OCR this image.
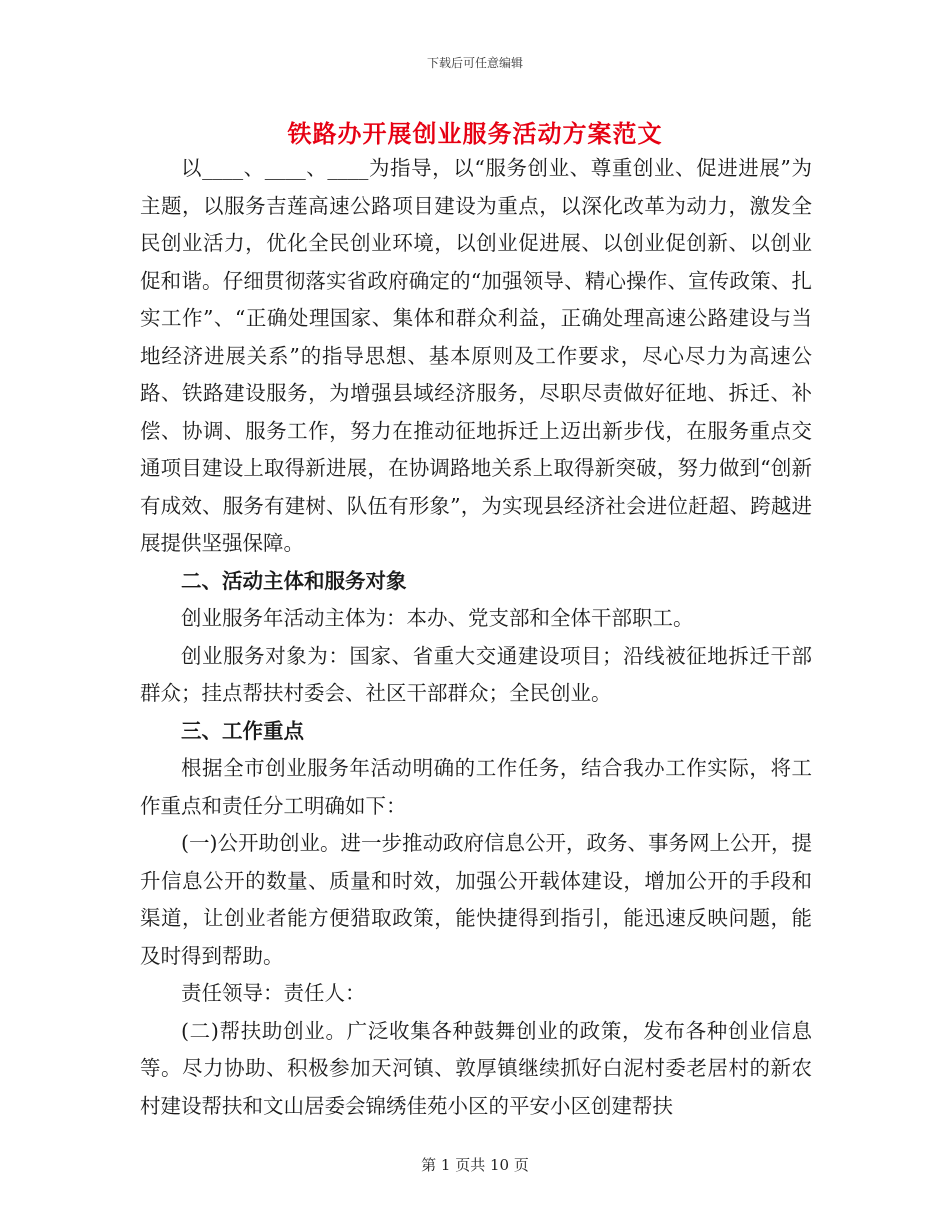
下载后可任意编辑
铁路办开展创业服务活动方案范文

以____、____、____为指导，以“服务创业、尊重创业、促进进展”为主题，以服务吉莲高速公路项目建设为重点，以深化改革为动力，激发全民创业活力，优化全民创业环境，以创业促进展、以创业促创新、以创业促和谐。仔细贯彻落实省政府确定的“加强领导、精心操作、宣传政策、扎实工作”、“正确处理国家、集体和群众利益，正确处理高速公路建设与当地经济进展关系”的指导思想、基本原则及工作要求，尽心尽力为高速公路、铁路建设服务，为增强县域经济服务，尽职尽责做好征地、拆迁、补偿、协调、服务工作，努力在推动征地拆迁上迈出新步伐，在服务重点交通项目建设上取得新进展，在协调路地关系上取得新突破，努力做到“创新有成效、服务有建树、队伍有形象”，为实现县经济社会进位赶超、跨越进展提供坚强保障。

二、活动主体和服务对象

创业服务年活动主体为：本办、党支部和全体干部职工。

创业服务对象为：国家、省重大交通建设项目；沿线被征地拆迁干部群众；挂点帮扶村委会、社区干部群众；全民创业。

三、工作重点

根据全市创业服务年活动明确的工作任务，结合我办工作实际，将工作重点和责任分工明确如下：

(一)公开助创业。进一步推动政府信息公开，政务、事务网上公开，提升信息公开的数量、质量和时效，加强公开载体建设，增加公开的手段和渠道，让创业者能方便猎取政策，能快捷得到指引，能迅速反映问题，能及时得到帮助。

责任领导：责任人：

(二)帮扶助创业。广泛收集各种鼓舞创业的政策，发布各种创业信息等。尽力协助、积极参加天河镇、敦厚镇继续抓好白泥村委老居村的新农村建设帮扶和文山居委会锦绣佳苑小区的平安小区创建帮扶

第 1 页共 10 页
